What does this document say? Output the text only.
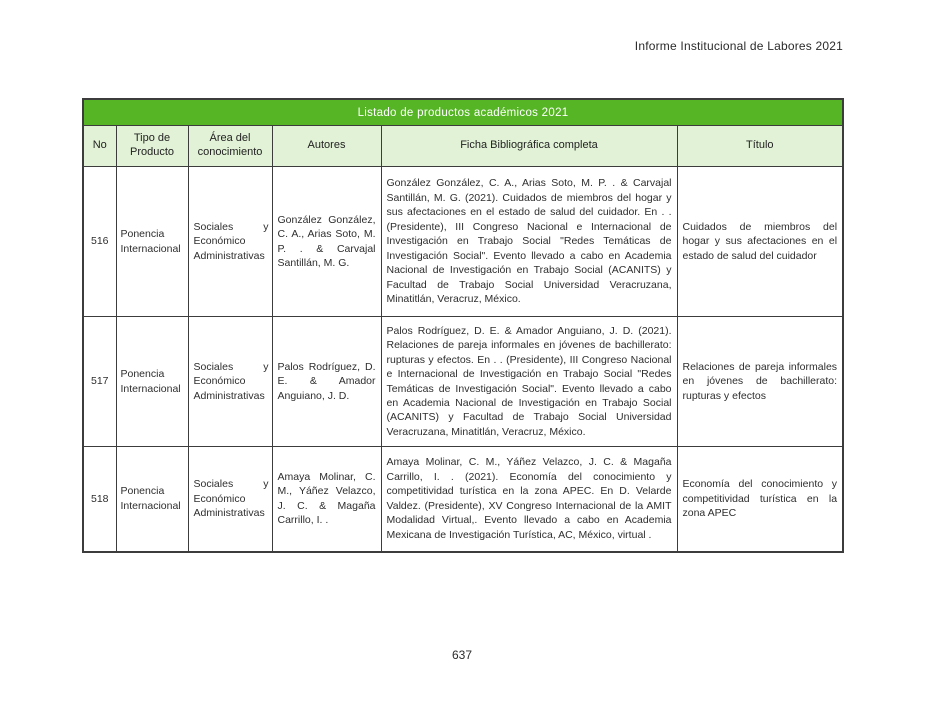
Informe Institucional de Labores 2021
Listado de productos académicos 2021					
No	Tipo de Producto	Área del conocimiento	Autores	Ficha Bibliográfica completa	Título
516	Ponencia Internacional	Sociales y Económico Administrativas	González González, C. A., Arias Soto, M. P. . & Carvajal Santillán, M. G.	González González, C. A., Arias Soto, M. P. . & Carvajal Santillán, M. G. (2021). Cuidados de miembros del hogar y sus afectaciones en el estado de salud del cuidador. En . . (Presidente), III Congreso Nacional e Internacional de Investigación en Trabajo Social "Redes Temáticas de Investigación Social". Evento llevado a cabo en Academia Nacional de Investigación en Trabajo Social (ACANITS) y Facultad de Trabajo Social Universidad Veracruzana, Minatitlán, Veracruz, México.	Cuidados de miembros del hogar y sus afectaciones en el estado de salud del cuidador
517	Ponencia Internacional	Sociales y Económico Administrativas	Palos Rodríguez, D. E. & Amador Anguiano, J. D.	Palos Rodríguez, D. E. & Amador Anguiano, J. D. (2021). Relaciones de pareja informales en jóvenes de bachillerato: rupturas y efectos. En . . (Presidente), III Congreso Nacional e Internacional de Investigación en Trabajo Social "Redes Temáticas de Investigación Social". Evento llevado a cabo en Academia Nacional de Investigación en Trabajo Social (ACANITS) y Facultad de Trabajo Social Universidad Veracruzana, Minatitlán, Veracruz, México.	Relaciones de pareja informales en jóvenes de bachillerato: rupturas y efectos
518	Ponencia Internacional	Sociales y Económico Administrativas	Amaya Molinar, C. M., Yáñez Velazco, J. C. & Magaña Carrillo, I. .	Amaya Molinar, C. M., Yáñez Velazco, J. C. & Magaña Carrillo, I. . (2021). Economía del conocimiento y competitividad turística en la zona APEC. En D. Velarde Valdez. (Presidente), XV Congreso Internacional de la AMIT Modalidad Virtual,. Evento llevado a cabo en Academia Mexicana de Investigación Turística, AC, México, virtual .	Economía del conocimiento y competitividad turística en la zona APEC
637
